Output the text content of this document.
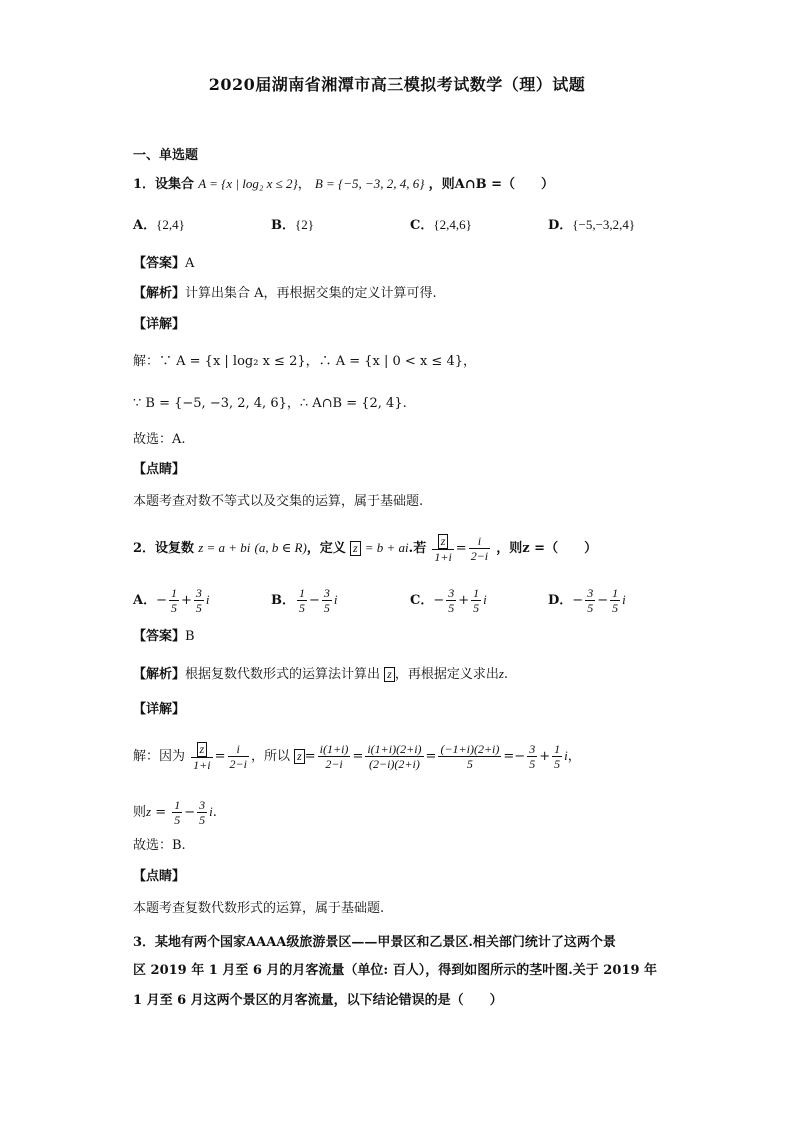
2020届湖南省湘潭市高三模拟考试数学（理）试题
一、单选题
1．设集合 A = {x | log₂ x ≤ 2}， B = {−5, −3, 2, 4, 6} ，则A∩B =（　　）
A．{2,4}	B．{2}	C．{2,4,6}	D．{−5,−3,2,4}
【答案】A
【解析】计算出集合 A，再根据交集的定义计算可得.
【详解】
解：∵ A = {x | log₂ x ≤ 2}，∴ A = {x | 0 < x ≤ 4}，
∵ B = {−5, −3, 2, 4, 6}，∴ A∩B = {2, 4}.
故选：A.
【点睛】
本题考查对数不等式以及交集的运算，属于基础题.
2．设复数 z = a + bi (a, b ∈ R)，定义 z = b + ai.若 $\frac{z}{1+i} = \frac{i}{2-i}$ ，则z =（　　）
A．− $\frac{1}{5} + \frac{3}{5}$ i	B． $\frac{1}{5} - \frac{3}{5}$ i	C．− $\frac{3}{5} + \frac{1}{5}$ i	D．− $\frac{3}{5} - \frac{1}{5}$ i
【答案】B
【解析】根据复数代数形式的运算法计算出 z ，再根据定义求出z.
【详解】
解：因为 $\frac{z}{1+i} = \frac{i}{2-i}$ ，所以 $z = \frac{i(1+i)}{2-i} = \frac{i(1+i)(2+i)}{(2-i)(2+i)} = \frac{(-1+i)(2+i)}{5} =- \frac{3}{5} + \frac{1}{5}$ i，
则$z = \frac{1}{5} - \frac{3}{5} i$.
故选：B.
【点睛】
本题考查复数代数形式的运算，属于基础题.
3．某地有两个国家AAAA级旅游景区——甲景区和乙景区.相关部门统计了这两个景
区 2019 年 1 月至 6 月的月客流量（单位: 百人），得到如图所示的茎叶图.关于 2019 年
1 月至 6 月这两个景区的月客流量，以下结论错误的是（　　）
